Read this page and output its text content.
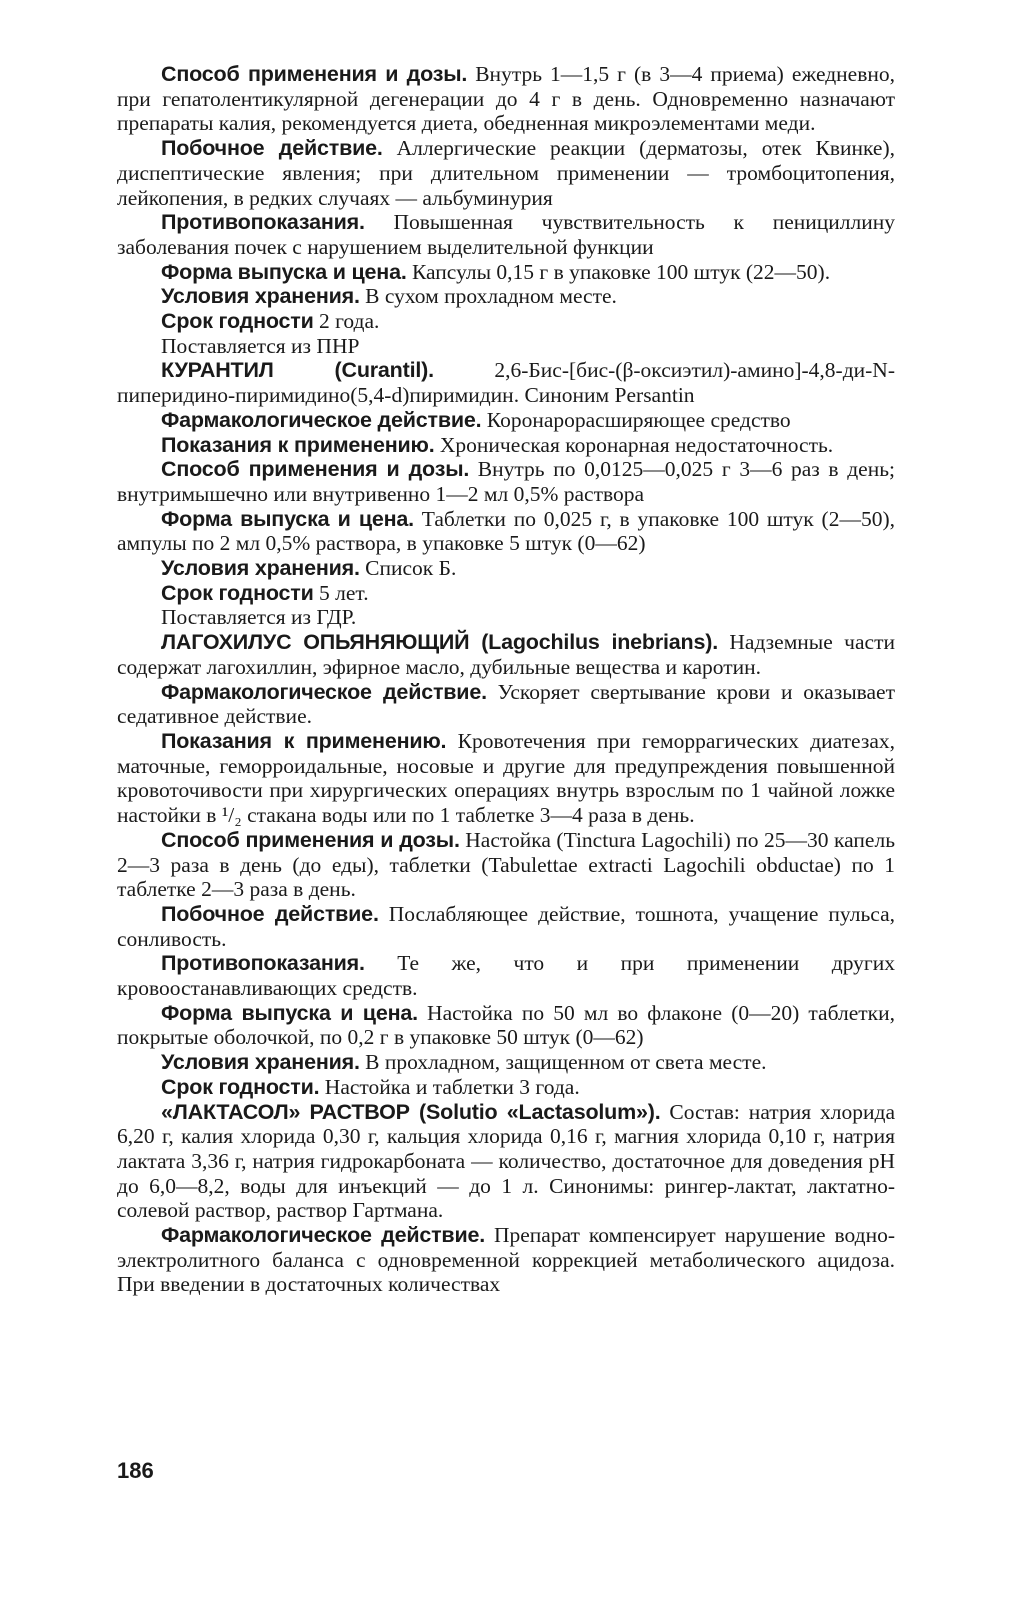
Способ применения и дозы. Внутрь 1—1,5 г (в 3—4 приема) ежедневно, при гепатолентикулярной дегенерации до 4 г в день. Одновременно назначают препараты калия, рекомендуется диета, обедненная микроэлементами меди.

Побочное действие. Аллергические реакции (дерматозы, отек Квинке), диспептические явления; при длительном применении — тромбоцитопения, лейкопения, в редких случаях — альбуминурия

Противопоказания. Повышенная чувствительность к пенициллину заболевания почек с нарушением выделительной функции

Форма выпуска и цена. Капсулы 0,15 г в упаковке 100 штук (22—50).

Условия хранения. В сухом прохладном месте.

Срок годности 2 года.

Поставляется из ПНР

КУРАНТИЛ (Curantil). 2,6-Бис-[бис-(β-оксиэтил)-амино]-4,8-ди-N-пиперидино-пиримидино(5,4-d)пиримидин. Синоним Persantin

Фармакологическое действие. Коронарорасширяющее средство

Показания к применению. Хроническая коронарная недостаточность.

Способ применения и дозы. Внутрь по 0,0125—0,025 г 3—6 раз в день; внутримышечно или внутривенно 1—2 мл 0,5% раствора

Форма выпуска и цена. Таблетки по 0,025 г, в упаковке 100 штук (2—50), ампулы по 2 мл 0,5% раствора, в упаковке 5 штук (0—62)

Условия хранения. Список Б.

Срок годности 5 лет.

Поставляется из ГДР.

ЛАГОХИЛУС ОПЬЯНЯЮЩИЙ (Lagochilus inebrians). Надземные части содержат лагохиллин, эфирное масло, дубильные вещества и каротин.

Фармакологическое действие. Ускоряет свертывание крови и оказывает седативное действие.

Показания к применению. Кровотечения при геморрагических диатезах, маточные, геморроидальные, носовые и другие для предупреждения повышенной кровоточивости при хирургических операциях внутрь взрослым по 1 чайной ложке настойки в ¹/₂ стакана воды или по 1 таблетке 3—4 раза в день.

Способ применения и дозы. Настойка (Tinctura Lagochili) по 25—30 капель 2—3 раза в день (до еды), таблетки (Tabulettae extracti Lagochili obductae) по 1 таблетке 2—3 раза в день.

Побочное действие. Послабляющее действие, тошнота, учащение пульса, сонливость.

Противопоказания. Те же, что и при применении других кровоостанавливающих средств.

Форма выпуска и цена. Настойка по 50 мл во флаконе (0—20) таблетки, покрытые оболочкой, по 0,2 г в упаковке 50 штук (0—62)

Условия хранения. В прохладном, защищенном от света месте.

Срок годности. Настойка и таблетки 3 года.

«ЛАКТАСОЛ» РАСТВОР (Solutio «Lactasolum»). Состав: натрия хлорида 6,20 г, калия хлорида 0,30 г, кальция хлорида 0,16 г, магния хлорида 0,10 г, натрия лактата 3,36 г, натрия гидрокарбоната — количество, достаточное для доведения pH до 6,0—8,2, воды для инъекций — до 1 л. Синонимы: рингер-лактат, лактатно-солевой раствор, раствор Гартмана.

Фармакологическое действие. Препарат компенсирует нарушение водно-электролитного баланса с одновременной коррекцией метаболического ацидоза. При введении в достаточных количествах

186
